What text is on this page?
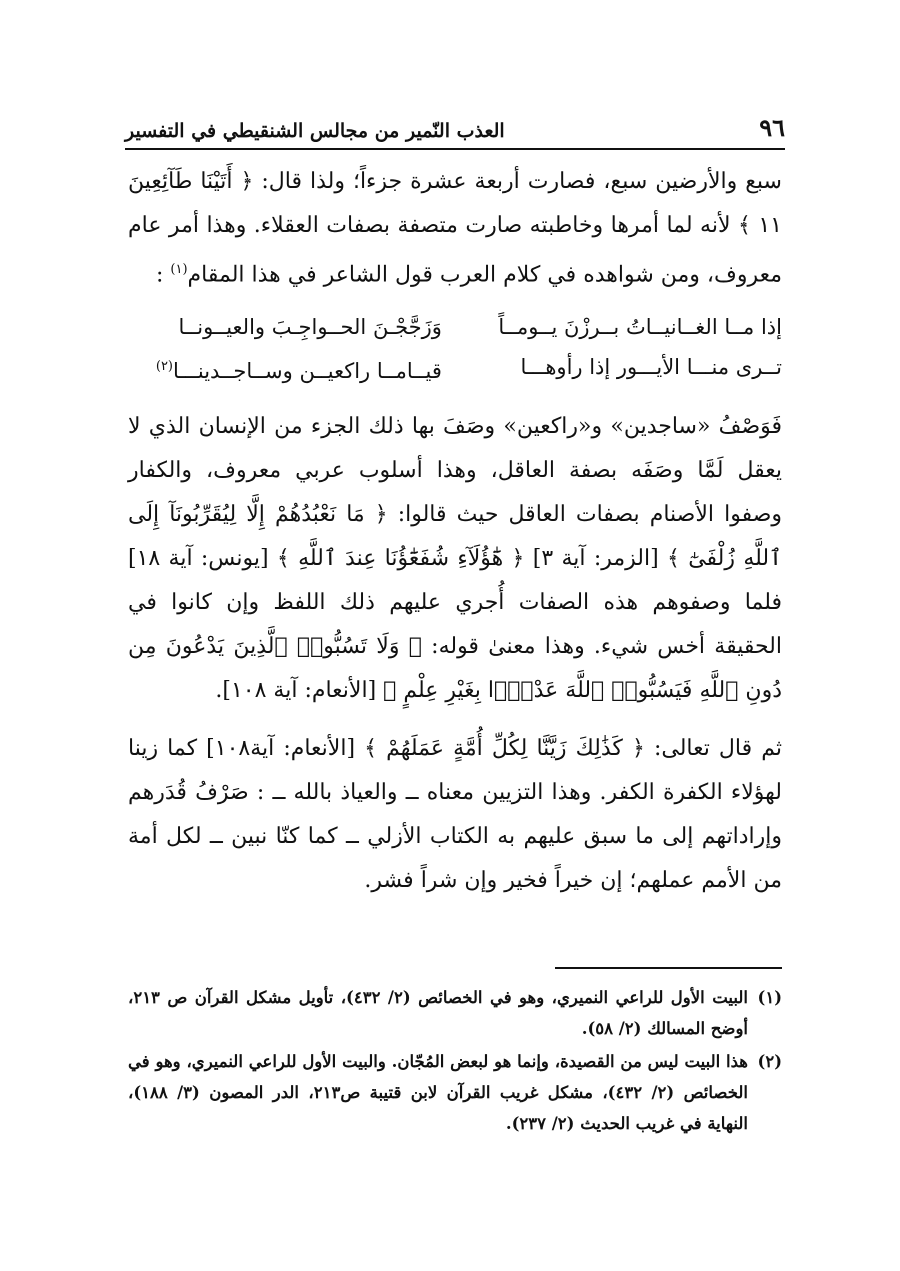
٩٦
العذب النّمير من مجالس الشنقيطي في التفسير

سبع والأرضين سبع، فصارت أربعة عشرة جزءاً؛ ولذا قال: ﴿ أَتَيْنَا طَآئِعِينَ ١١ ﴾ لأنه لما أمرها وخاطبته صارت متصفة بصفات العقلاء. وهذا أمر عام معروف، ومن شواهده في كلام العرب قول الشاعر في هذا المقام$^{(١)}$ :

إذا مــا الغــانيــاتُ بــرزْنَ يــومــاً
وَزَجَّجْـنَ الحــواجِـبَ والعيــونــا
تــرى منـــا الأيـــور إذا رأوهـــا
قيــامــا راكعيــن وســاجــدينـــا$^{(٢)}$

فَوَصْفُ «ساجدين» و«راكعين» وصَفَ بها ذلك الجزء من الإنسان الذي لا يعقل لَمَّا وصَفَه بصفة العاقل، وهذا أسلوب عربي معروف، والكفار وصفوا الأصنام بصفات العاقل حيث قالوا: ﴿ مَا نَعْبُدُهُمْ إِلَّا لِيُقَرِّبُونَآ إِلَى ٱللَّهِ زُلْفَىٰٓ ﴾ [الزمر: آية ٣] ﴿ هَٰٓؤُلَآءِ شُفَعَٰٓؤُنَا عِندَ ٱللَّهِ ﴾ [يونس: آية ١٨] فلما وصفوهم هذه الصفات أُجري عليهم ذلك اللفظ وإن كانوا في الحقيقة أخس شيء. وهذا معنىٰ قوله: ﴿ وَلَا تَسُبُّوا۟ ٱلَّذِينَ يَدْعُونَ مِن دُونِ ٱللَّهِ فَيَسُبُّوا۟ ٱللَّهَ عَدْوًۢا بِغَيْرِ عِلْمٍ ﴾ [الأنعام: آية ١٠٨].

ثم قال تعالى: ﴿ كَذَٰلِكَ زَيَّنَّا لِكُلِّ أُمَّةٍ عَمَلَهُمْ ﴾ [الأنعام: آية١٠٨] كما زينا لهؤلاء الكفرة الكفر. وهذا التزيين معناه ــ والعياذ بالله ــ : صَرْفُ قُدَرهم وإراداتهم إلى ما سبق عليهم به الكتاب الأزلي ــ كما كنّا نبين ــ لكل أمة من الأمم عملهم؛ إن خيراً فخير وإن شراً فشر.

(١)
البيت الأول للراعي النميري، وهو في الخصائص (٢/ ٤٣٢)، تأويل مشكل القرآن ص ٢١٣، أوضح المسالك (٢/ ٥٨).
(٢)
هذا البيت ليس من القصيدة، وإنما هو لبعض المُجّان. والبيت الأول للراعي النميري، وهو في الخصائص (٢/ ٤٣٢)، مشكل غريب القرآن لابن قتيبة ص٢١٣، الدر المصون (٣/ ١٨٨)، النهاية في غريب الحديث (٢/ ٢٣٧).
